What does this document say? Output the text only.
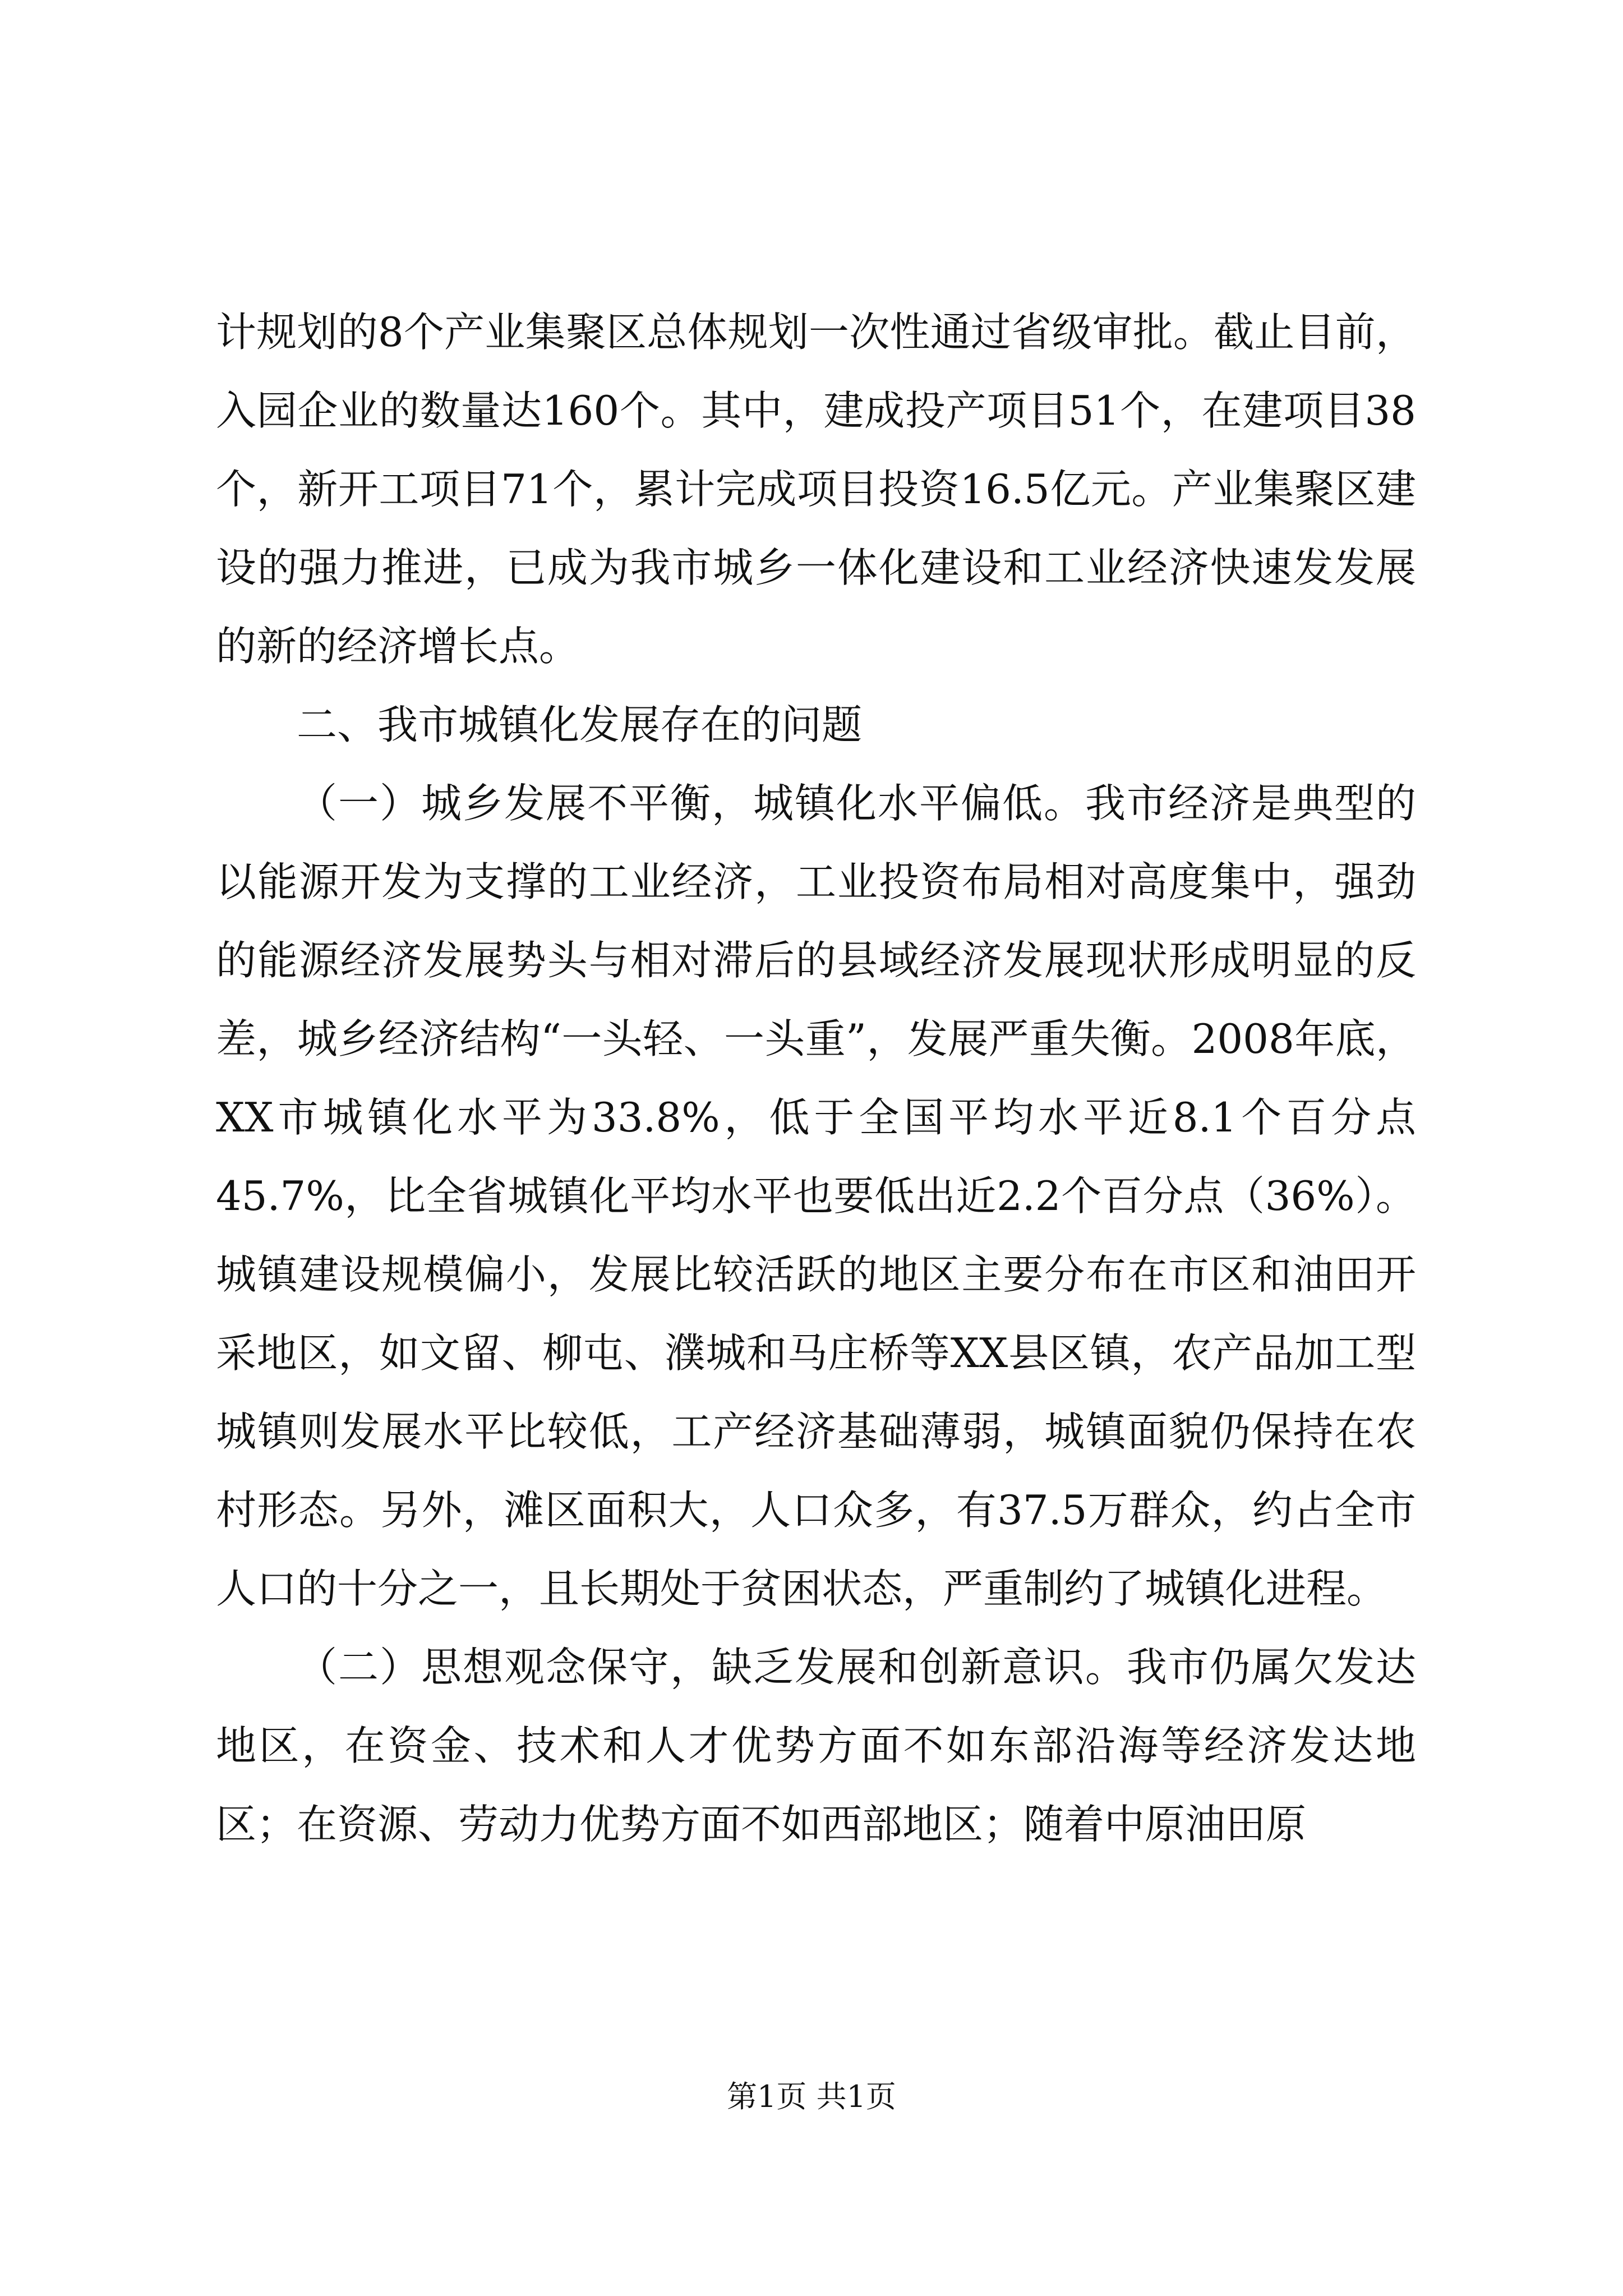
计规划的8个产业集聚区总体规划一次性通过省级审批。截止目前，入园企业的数量达160个。其中，建成投产项目51个，在建项目38个，新开工项目71个，累计完成项目投资16.5亿元。产业集聚区建设的强力推进，已成为我市城乡一体化建设和工业经济快速发发展的新的经济增长点。

二、我市城镇化发展存在的问题

（一）城乡发展不平衡，城镇化水平偏低。我市经济是典型的以能源开发为支撑的工业经济，工业投资布局相对高度集中，强劲的能源经济发展势头与相对滞后的县域经济发展现状形成明显的反差，城乡经济结构“一头轻、一头重”，发展严重失衡。2008年底，XX市城镇化水平为33.8%，低于全国平均水平近8.1个百分点45.7%，比全省城镇化平均水平也要低出近2.2个百分点（36%）。城镇建设规模偏小，发展比较活跃的地区主要分布在市区和油田开采地区，如文留、柳屯、濮城和马庄桥等XX县区镇，农产品加工型城镇则发展水平比较低，工产经济基础薄弱，城镇面貌仍保持在农村形态。另外，滩区面积大，人口众多，有37.5万群众，约占全市人口的十分之一，且长期处于贫困状态，严重制约了城镇化进程。

（二）思想观念保守，缺乏发展和创新意识。我市仍属欠发达地区，在资金、技术和人才优势方面不如东部沿海等经济发达地区；在资源、劳动力优势方面不如西部地区；随着中原油田原

第1页 共1页
